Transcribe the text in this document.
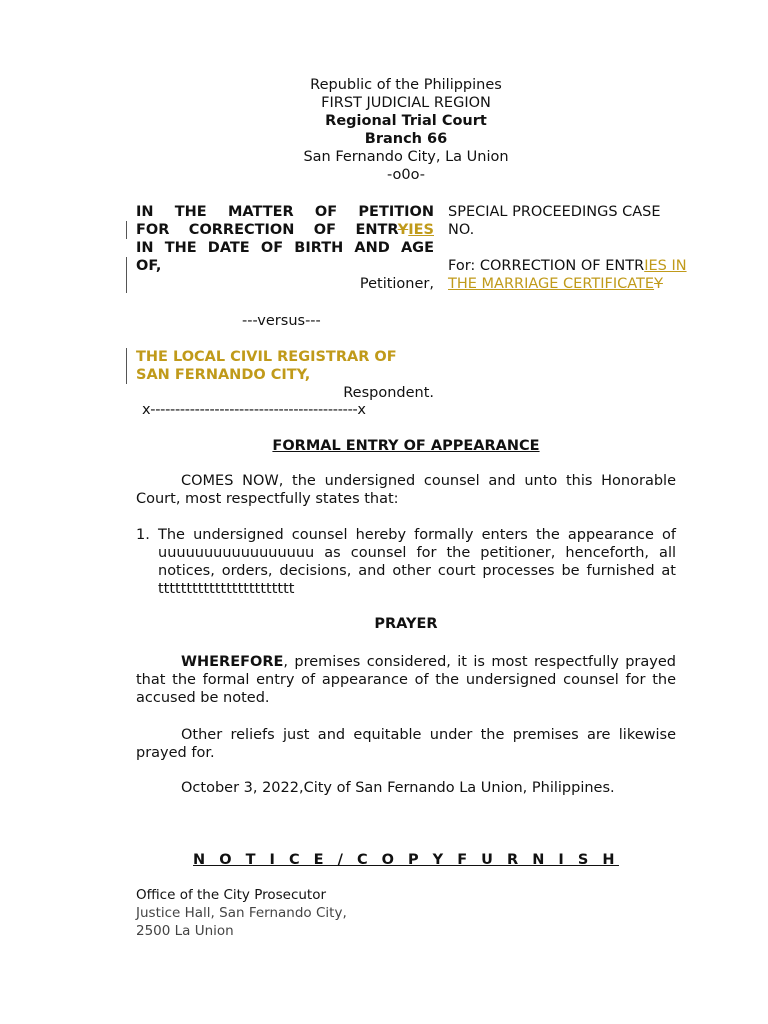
Republic of the Philippines
FIRST JUDICIAL REGION
Regional Trial Court
Branch 66
San Fernando City, La Union
-o0o-
IN THE MATTER OF PETITION
FOR CORRECTION OF ENTRYIES
IN THE DATE OF BIRTH AND AGE
OF,
Petitioner,
SPECIAL PROCEEDINGS CASE
NO.
For: CORRECTION OF ENTRIES IN
THE MARRIAGE CERTIFICATEY
---versus---
THE LOCAL CIVIL REGISTRAR OF
SAN FERNANDO CITY,
Respondent.
x------------------------------------------x
FORMAL ENTRY OF APPEARANCE
COMES NOW, the undersigned counsel and unto this Honorable Court, most respectfully states that:
1. The undersigned counsel hereby formally enters the appearance of uuuuuuuuuuuuuuuuu as counsel for the petitioner, henceforth, all notices, orders, decisions, and other court processes be furnished at tttttttttttttttttttttttt
PRAYER
WHEREFORE, premises considered, it is most respectfully prayed that the formal entry of appearance of the undersigned counsel for the accused be noted.
Other reliefs just and equitable under the premises are likewise prayed for.
October 3, 2022,City of San Fernando La Union, Philippines.
N O T I C E / C O P Y F U R N I S H
Office of the City Prosecutor
Justice Hall, San Fernando City,
2500 La Union
